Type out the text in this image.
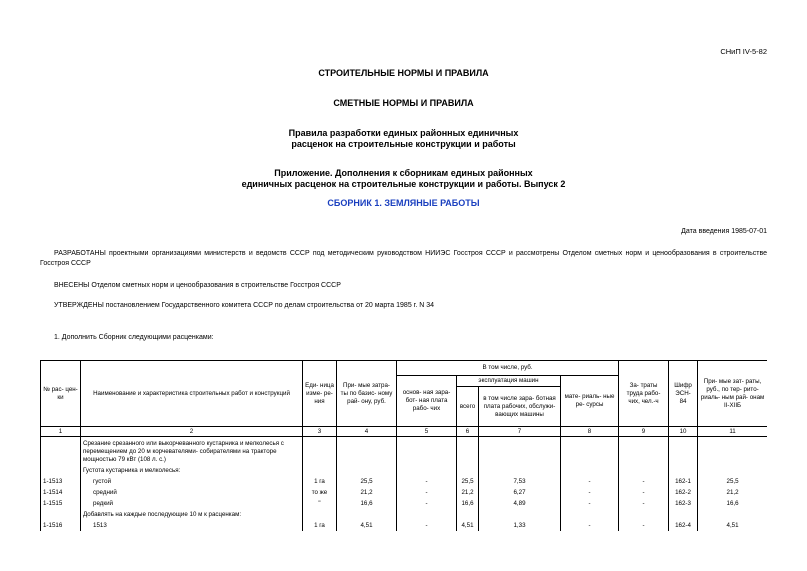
СНиП IV-5-82
СТРОИТЕЛЬНЫЕ НОРМЫ И ПРАВИЛА
СМЕТНЫЕ НОРМЫ И ПРАВИЛА
Правила разработки единых районных единичных
расценок на строительные конструкции и работы
Приложение. Дополнения к сборникам единых районных
единичных расценок на строительные конструкции и работы. Выпуск 2
СБОРНИК 1. ЗЕМЛЯНЫЕ РАБОТЫ
Дата введения 1985-07-01
РАЗРАБОТАНЫ проектными организациями министерств и ведомств СССР под методическим руководством НИИЭС Госстроя СССР и рассмотрены Отделом сметных норм и ценообразования в строительстве Госстроя СССР
ВНЕСЕНЫ Отделом сметных норм и ценообразования в строительстве Госстроя СССР
УТВЕРЖДЕНЫ постановлением Государственного комитета СССР по делам строительства от 20 марта 1985 г. N 34
1. Дополнить Сборник следующими расценками:
№ рас- цен- ки	Наименование и характеристика строительных работ и конструкций	Еди- ница изме- ре- ния	При- мые затра- ты по базис- ному рай- ону, руб.	В том числе, руб.				За- траты труда рабо- чих, чел.-ч	Шифр ЭСН- 84	При- мые зат- раты, руб., по тер- рито- риаль- ным рай- онам II-XIIБ
				основ- ная зара- бот- ная плата рабо- чих	эксплуатация машин		мате- риаль- ные ре- сурсы			
					всего	в том числе зара- ботная плата рабочих, обслужи- вающих машины				
1	2	3	4	5	6	7	8	9	10	11
	Срезание срезанного или выкорчеванного кустарника и мелколесья с перемещением до 20 м корчевателями- собирателями на тракторе мощностью 79 кВт (108 л. с.)									
	Густота кустарника и мелколесья:									
1-1513	густой	1 га	25,5	-	25,5	7,53	-	-	162-1	25,5
1-1514	средний	то же	21,2	-	21,2	6,27	-	-	162-2	21,2
1-1515	редкий	"	16,6	-	16,6	4,89	-	-	162-3	16,6
	Добавлять на каждые последующие 10 м к расценкам:									
1-1516	1513	1 га	4,51	-	4,51	1,33	-	-	162-4	4,51
